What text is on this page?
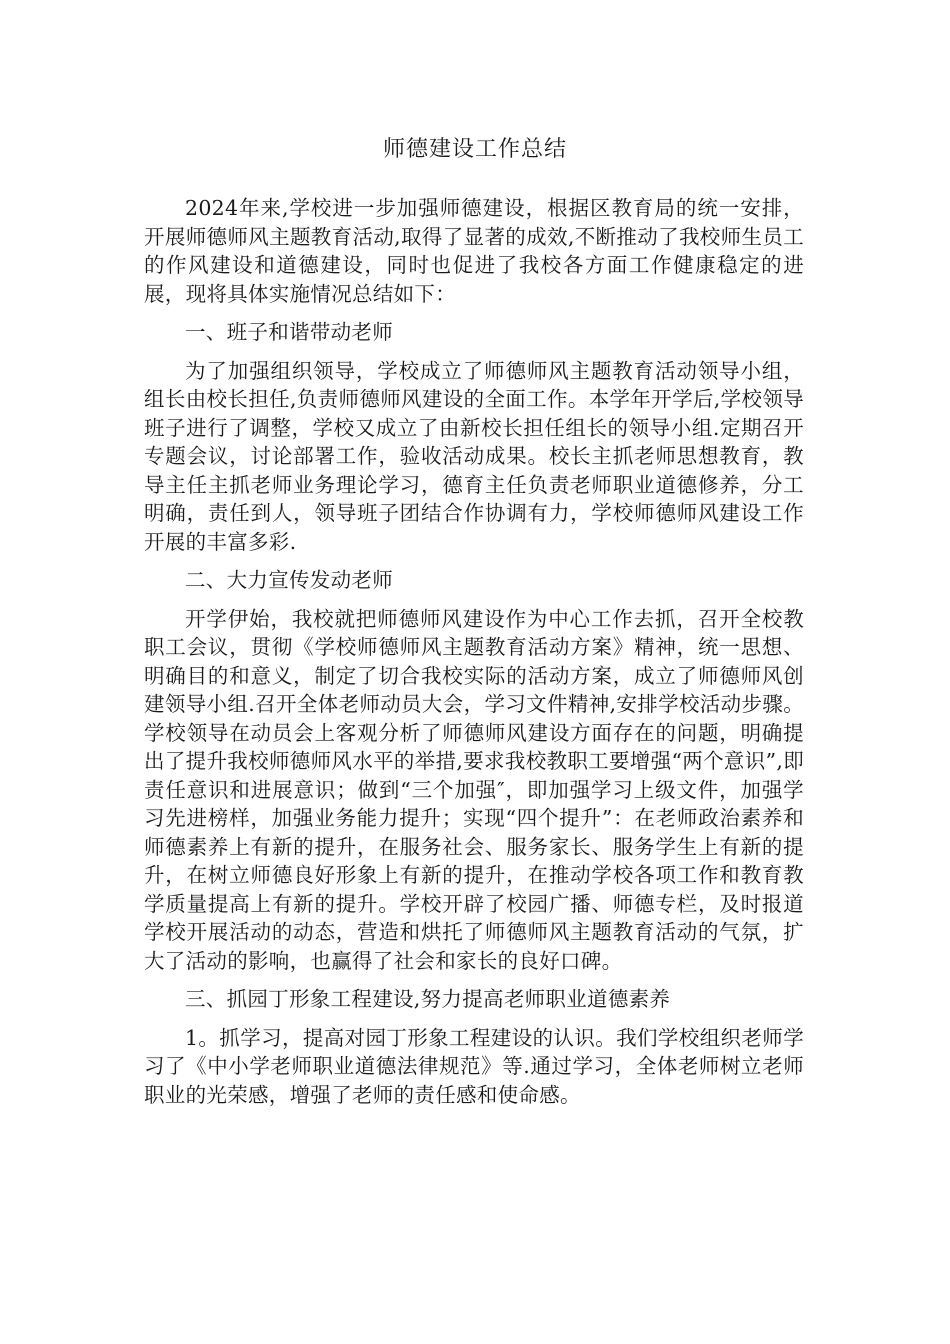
师德建设工作总结

2024年来,学校进一步加强师德建设，根据区教育局的统一安排，开展师德师风主题教育活动,取得了显著的成效,不断推动了我校师生员工的作风建设和道德建设，同时也促进了我校各方面工作健康稳定的进展，现将具体实施情况总结如下：

一、班子和谐带动老师

为了加强组织领导，学校成立了师德师风主题教育活动领导小组，组长由校长担任,负责师德师风建设的全面工作。本学年开学后,学校领导班子进行了调整，学校又成立了由新校长担任组长的领导小组.定期召开专题会议，讨论部署工作，验收活动成果。校长主抓老师思想教育，教导主任主抓老师业务理论学习，德育主任负责老师职业道德修养，分工明确，责任到人，领导班子团结合作协调有力，学校师德师风建设工作开展的丰富多彩.

二、大力宣传发动老师

开学伊始，我校就把师德师风建设作为中心工作去抓，召开全校教职工会议，贯彻《学校师德师风主题教育活动方案》精神，统一思想、明确目的和意义，制定了切合我校实际的活动方案，成立了师德师风创建领导小组.召开全体老师动员大会，学习文件精神,安排学校活动步骤。学校领导在动员会上客观分析了师德师风建设方面存在的问题，明确提出了提升我校师德师风水平的举措,要求我校教职工要增强“两个意识”,即责任意识和进展意识；做到“三个加强″，即加强学习上级文件，加强学习先进榜样，加强业务能力提升；实现“四个提升”：在老师政治素养和师德素养上有新的提升，在服务社会、服务家长、服务学生上有新的提升，在树立师德良好形象上有新的提升，在推动学校各项工作和教育教学质量提高上有新的提升。学校开辟了校园广播、师德专栏，及时报道学校开展活动的动态，营造和烘托了师德师风主题教育活动的气氛，扩大了活动的影响，也赢得了社会和家长的良好口碑。

三、抓园丁形象工程建设,努力提高老师职业道德素养

1。抓学习，提高对园丁形象工程建设的认识。我们学校组织老师学习了《中小学老师职业道德法律规范》等.通过学习，全体老师树立老师职业的光荣感，增强了老师的责任感和使命感。
